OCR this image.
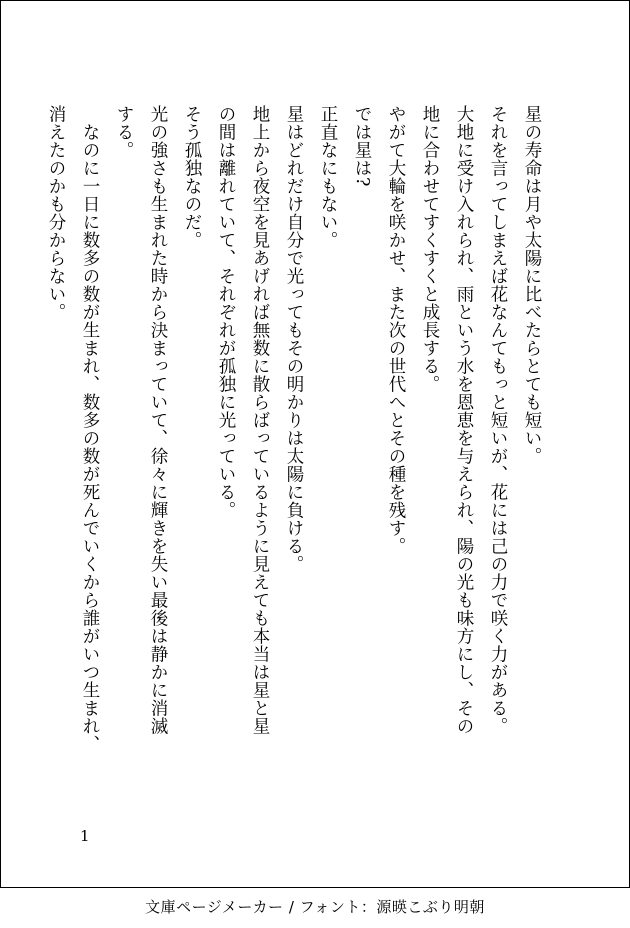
星の寿命は月や太陽に比べたらとても短い。
それを言ってしまえば花なんてもっと短いが、花には己の力で咲く力がある。
大地に受け入れられ、雨という水を恩恵を与えられ、陽の光も味方にし、その
地に合わせてすくすくと成長する。
やがて大輪を咲かせ、また次の世代へとその種を残す。
では星は?
正直なにもない。
星はどれだけ自分で光ってもその明かりは太陽に負ける。
地上から夜空を見あげれば無数に散らばっているように見えても本当は星と星
の間は離れていて、それぞれが孤独に光っている。
そう孤独なのだ。
光の強さも生まれた時から決まっていて、徐々に輝きを失い最後は静かに消滅
する。
　なのに一日に数多の数が生まれ、数多の数が死んでいくから誰がいつ生まれ、
消えたのかも分からない。
1
文庫ページメーカー / フォント：源暎こぶり明朝
